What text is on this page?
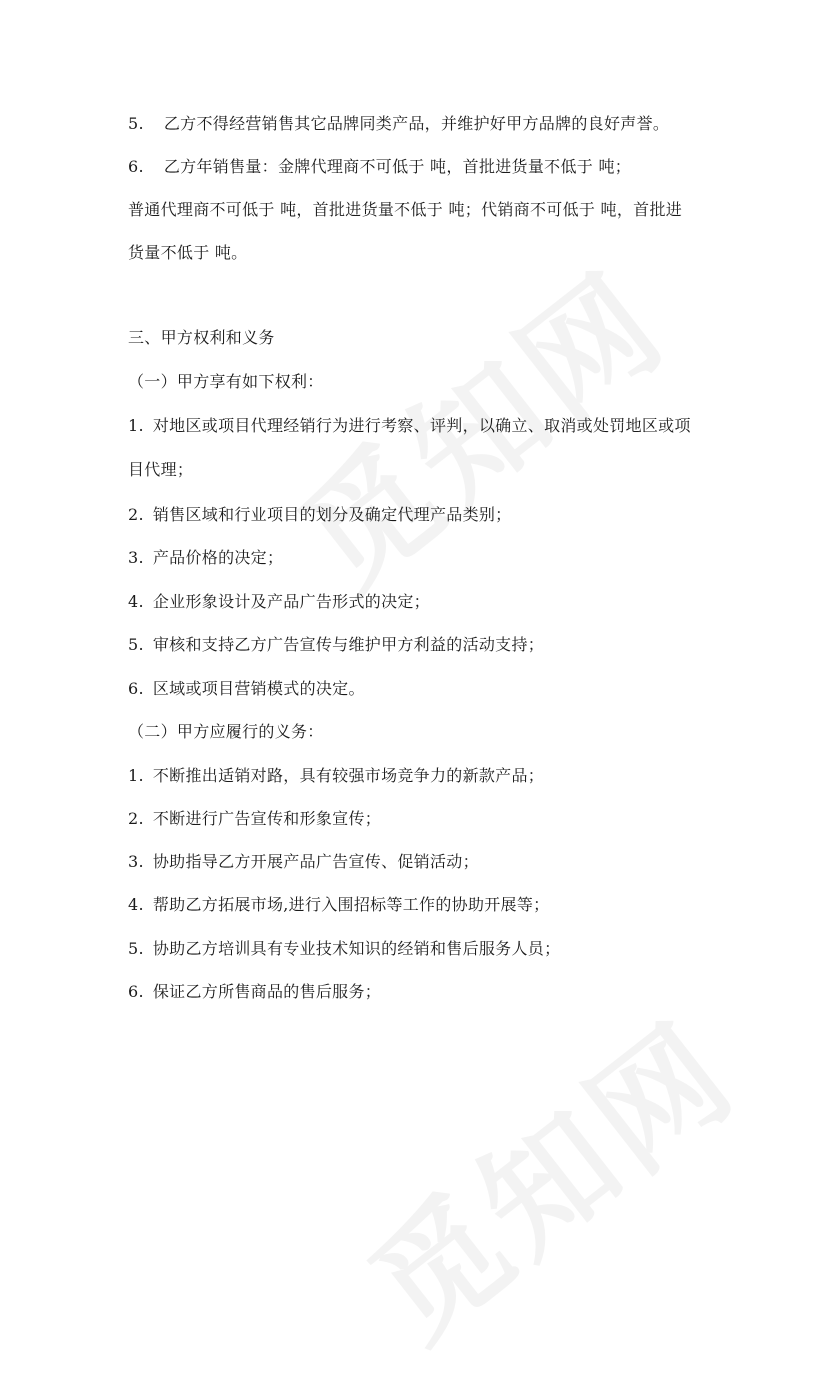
5. 乙方不得经营销售其它品牌同类产品，并维护好甲方品牌的良好声誉。
6. 乙方年销售量：金牌代理商不可低于 吨，首批进货量不低于 吨；
普通代理商不可低于 吨，首批进货量不低于 吨；代销商不可低于 吨，首批进
货量不低于 吨。
三、甲方权利和义务
（一）甲方享有如下权利：
1. 对地区或项目代理经销行为进行考察、评判，以确立、取消或处罚地区或项
目代理；
2. 销售区域和行业项目的划分及确定代理产品类别；
3. 产品价格的决定；
4. 企业形象设计及产品广告形式的决定；
5. 审核和支持乙方广告宣传与维护甲方利益的活动支持；
6. 区域或项目营销模式的决定。
（二）甲方应履行的义务：
1. 不断推出适销对路，具有较强市场竞争力的新款产品；
2. 不断进行广告宣传和形象宣传；
3. 协助指导乙方开展产品广告宣传、促销活动；
4. 帮助乙方拓展市场,进行入围招标等工作的协助开展等；
5. 协助乙方培训具有专业技术知识的经销和售后服务人员；
6. 保证乙方所售商品的售后服务；
